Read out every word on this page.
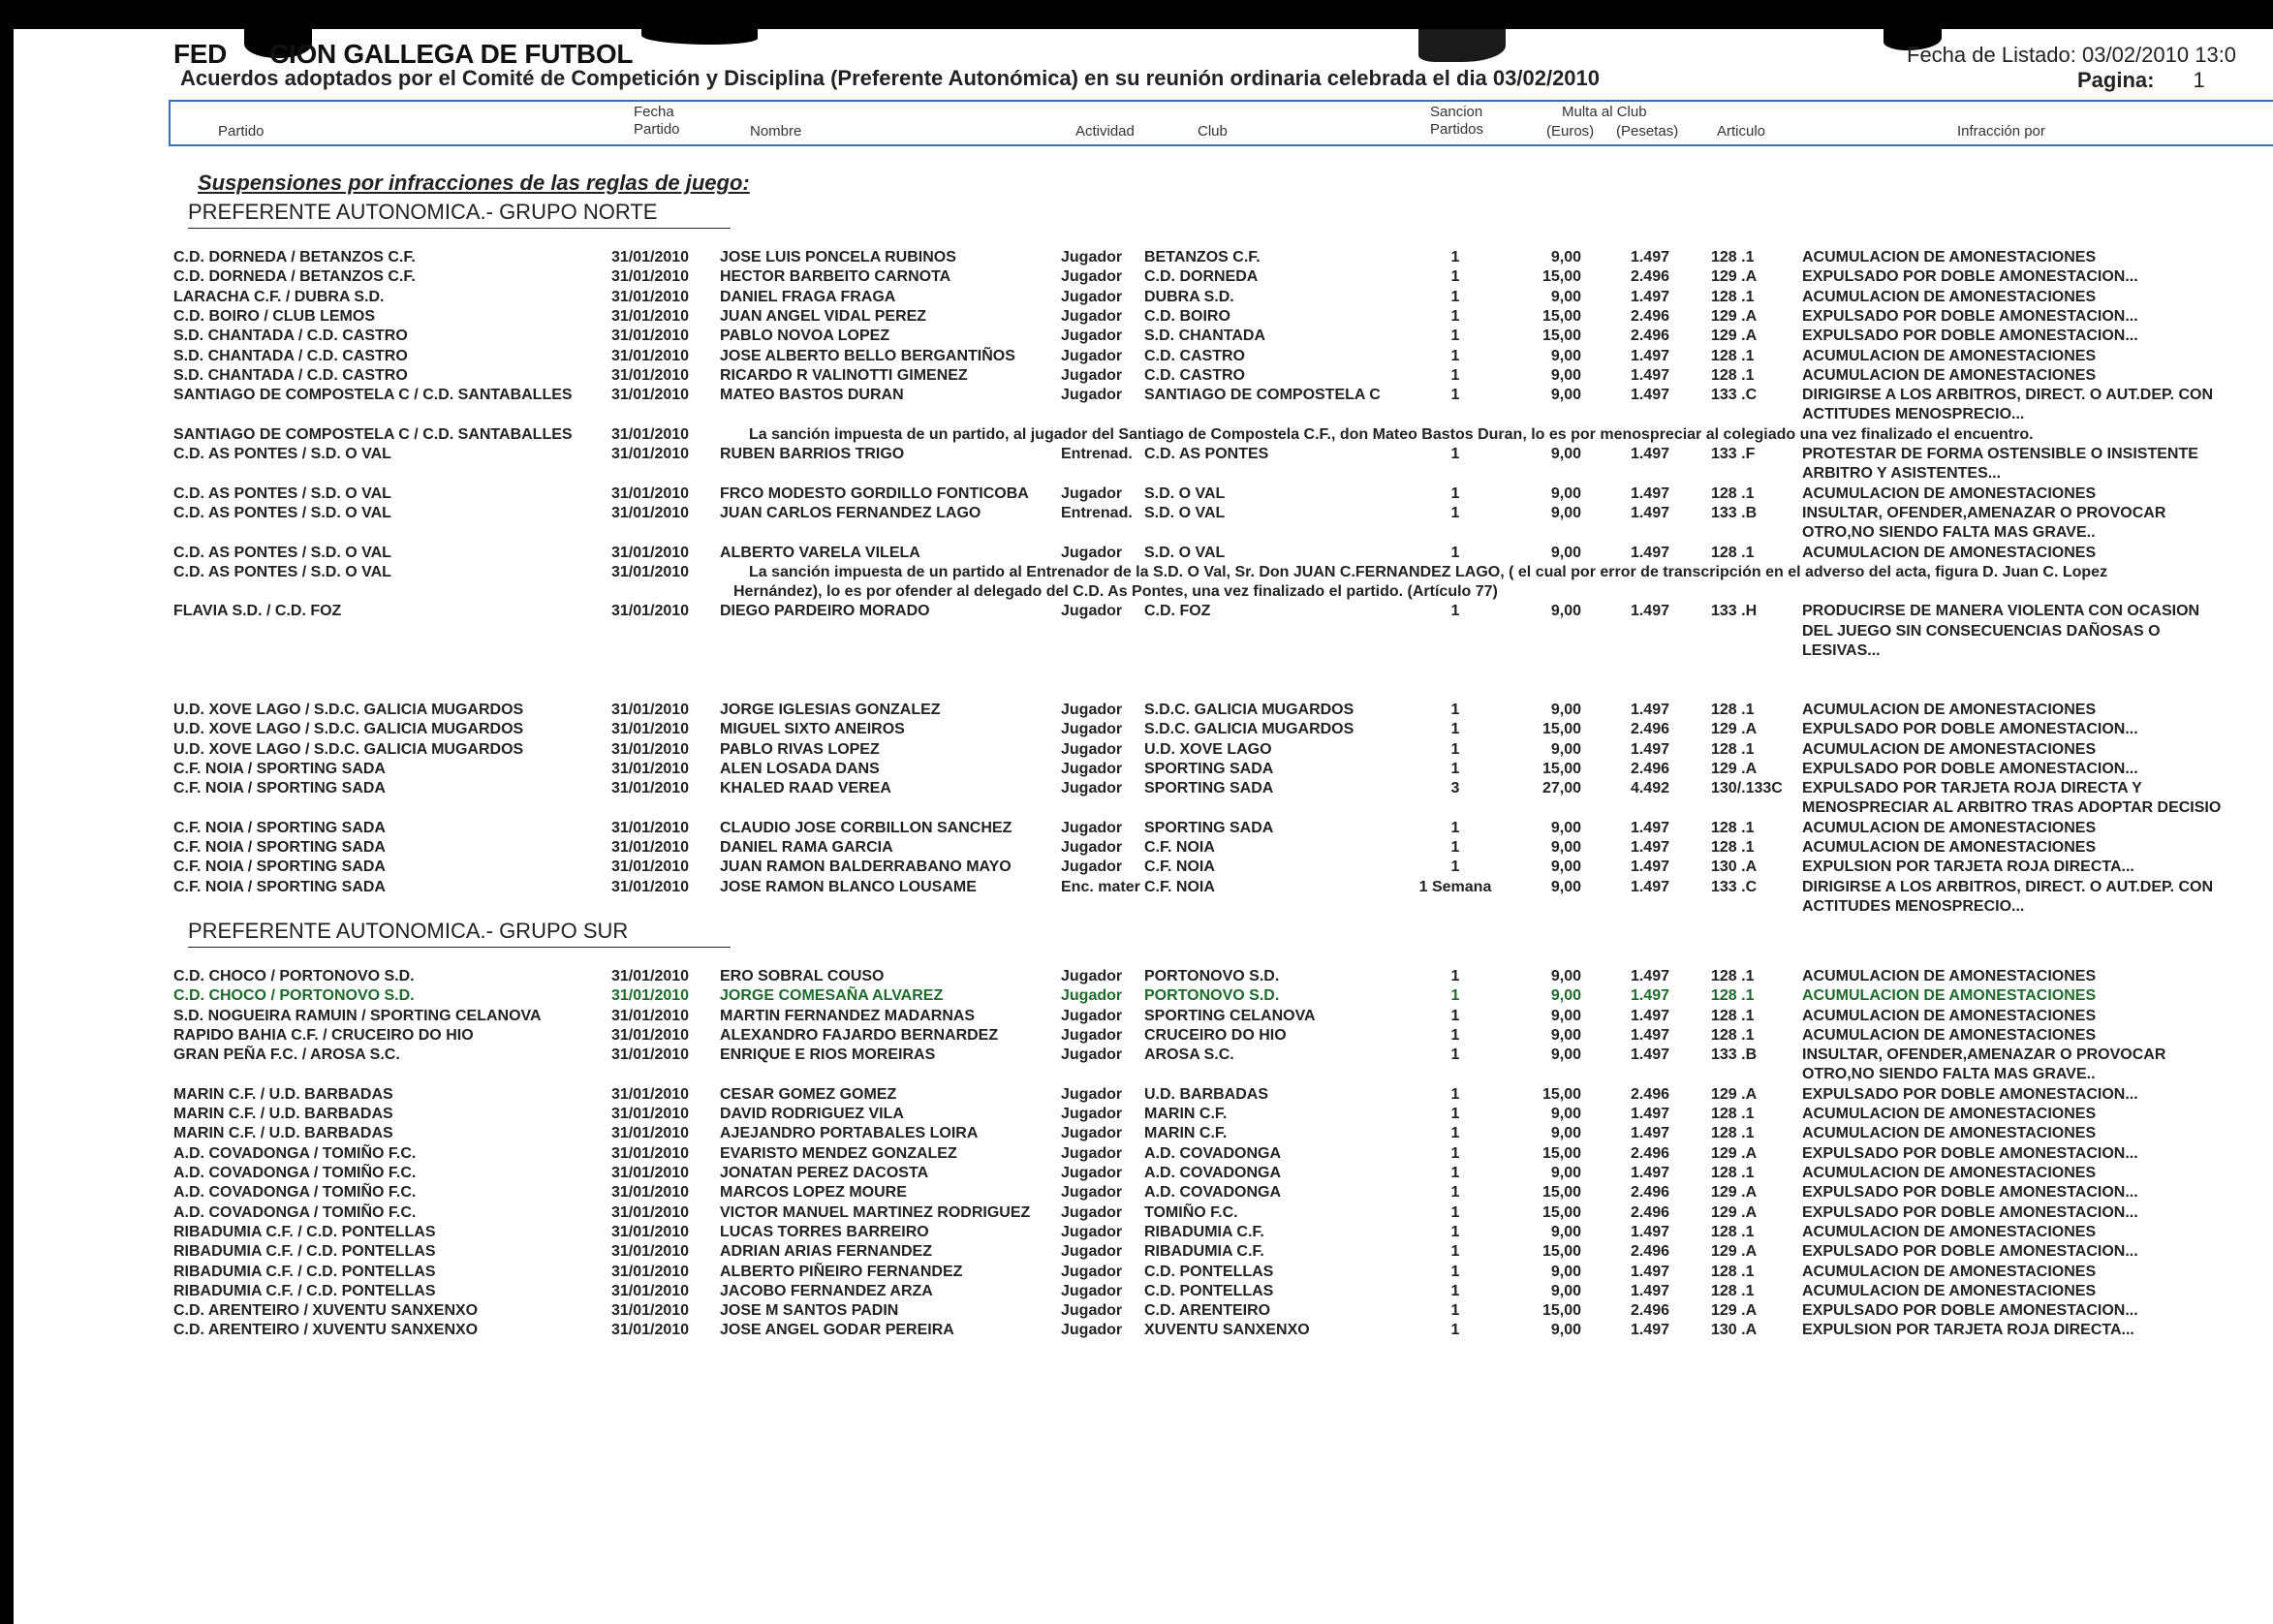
FED CION GALLEGA DE FUTBOL
Acuerdos adoptados por el Comité de Competición y Disciplina (Preferente Autonómica) en su reunión ordinaria celebrada el dia 03/02/2010
Fecha de Listado: 03/02/2010 13:0
Pagina: 1
Partido
Fecha
Partido	Nombre	Actividad	Club
Sancion
Partidos
Multa al Club
(Euros) (Pesetas)	Articulo	Infracción por
Suspensiones por infracciones de las reglas de juego:
PREFERENTE AUTONOMICA.- GRUPO NORTE
C.D. DORNEDA / BETANZOS C.F.	31/01/2010 JOSE LUIS PONCELA RUBINOS	Jugador BETANZOS C.F.	1	9,00	1.497	128 .1	ACUMULACION DE AMONESTACIONES
C.D. DORNEDA / BETANZOS C.F.	31/01/2010 HECTOR BARBEITO CARNOTA	Jugador C.D. DORNEDA	1	15,00	2.496	129 .A	EXPULSADO POR DOBLE AMONESTACION...
LARACHA C.F. / DUBRA S.D.	31/01/2010 DANIEL FRAGA FRAGA	Jugador DUBRA S.D.	1	9,00	1.497	128 .1	ACUMULACION DE AMONESTACIONES
C.D. BOIRO / CLUB LEMOS	31/01/2010 JUAN ANGEL VIDAL PEREZ	Jugador C.D. BOIRO	1	15,00	2.496	129 .A	EXPULSADO POR DOBLE AMONESTACION...
S.D. CHANTADA / C.D. CASTRO	31/01/2010 PABLO NOVOA LOPEZ	Jugador S.D. CHANTADA	1	15,00	2.496	129 .A	EXPULSADO POR DOBLE AMONESTACION...
S.D. CHANTADA / C.D. CASTRO	31/01/2010 JOSE ALBERTO BELLO BERGANTIÑOS	Jugador C.D. CASTRO	1	9,00	1.497	128 .1	ACUMULACION DE AMONESTACIONES
S.D. CHANTADA / C.D. CASTRO	31/01/2010 RICARDO R VALINOTTI GIMENEZ	Jugador C.D. CASTRO	1	9,00	1.497	128 .1	ACUMULACION DE AMONESTACIONES
SANTIAGO DE COMPOSTELA C / C.D. SANTABALLES	31/01/2010 MATEO BASTOS DURAN	Jugador SANTIAGO DE COMPOSTELA C	1	9,00	1.497	133 .C	DIRIGIRSE A LOS ARBITROS, DIRECT. O AUT.DEP. CON
ACTITUDES MENOSPRECIO...
SANTIAGO DE COMPOSTELA C / C.D. SANTABALLES	31/01/2010	La sanción impuesta de un partido, al jugador del Santiago de Compostela C.F., don Mateo Bastos Duran, lo es por menospreciar al colegiado una vez finalizado el encuentro.
C.D. AS PONTES / S.D. O VAL	31/01/2010 RUBEN BARRIOS TRIGO	Entrenad. C.D. AS PONTES	1	9,00	1.497	133 .F	PROTESTAR DE FORMA OSTENSIBLE O INSISTENTE
ARBITRO Y ASISTENTES...
C.D. AS PONTES / S.D. O VAL	31/01/2010 FRCO MODESTO GORDILLO FONTICOBA Jugador S.D. O VAL	1	9,00	1.497	128 .1	ACUMULACION DE AMONESTACIONES
C.D. AS PONTES / S.D. O VAL	31/01/2010 JUAN CARLOS FERNANDEZ LAGO	Entrenad. S.D. O VAL	1	9,00	1.497	133 .B	INSULTAR, OFENDER,AMENAZAR O PROVOCAR
OTRO,NO SIENDO FALTA MAS GRAVE..
C.D. AS PONTES / S.D. O VAL	31/01/2010 ALBERTO VARELA VILELA	Jugador S.D. O VAL	1	9,00	1.497	128 .1	ACUMULACION DE AMONESTACIONES
C.D. AS PONTES / S.D. O VAL	31/01/2010	La sanción impuesta de un partido al Entrenador de la S.D. O Val, Sr. Don JUAN C.FERNANDEZ LAGO, ( el cual por error de transcripción en el adverso del acta, figura D. Juan C. Lopez
Hernández), lo es por ofender al delegado del C.D. As Pontes, una vez finalizado el partido. (Artículo 77)
FLAVIA S.D. / C.D. FOZ	31/01/2010 DIEGO PARDEIRO MORADO	Jugador C.D. FOZ	1	9,00	1.497	133 .H	PRODUCIRSE DE MANERA VIOLENTA CON OCASION
DEL JUEGO SIN CONSECUENCIAS DAÑOSAS O
LESIVAS...
U.D. XOVE LAGO / S.D.C. GALICIA MUGARDOS	31/01/2010 JORGE IGLESIAS GONZALEZ	Jugador S.D.C. GALICIA MUGARDOS	1	9,00	1.497	128 .1	ACUMULACION DE AMONESTACIONES
U.D. XOVE LAGO / S.D.C. GALICIA MUGARDOS	31/01/2010 MIGUEL SIXTO ANEIROS	Jugador S.D.C. GALICIA MUGARDOS	1	15,00	2.496	129 .A	EXPULSADO POR DOBLE AMONESTACION...
U.D. XOVE LAGO / S.D.C. GALICIA MUGARDOS	31/01/2010 PABLO RIVAS LOPEZ	Jugador U.D. XOVE LAGO	1	9,00	1.497	128 .1	ACUMULACION DE AMONESTACIONES
C.F. NOIA / SPORTING SADA	31/01/2010 ALEN LOSADA DANS	Jugador SPORTING SADA	1	15,00	2.496	129 .A	EXPULSADO POR DOBLE AMONESTACION...
C.F. NOIA / SPORTING SADA	31/01/2010 KHALED RAAD VEREA	Jugador SPORTING SADA	3	27,00	4.492	130/.133C EXPULSADO POR TARJETA ROJA DIRECTA Y
MENOSPRECIAR AL ARBITRO TRAS ADOPTAR DECISIO
C.F. NOIA / SPORTING SADA	31/01/2010 CLAUDIO JOSE CORBILLON SANCHEZ	Jugador SPORTING SADA	1	9,00	1.497	128 .1	ACUMULACION DE AMONESTACIONES
C.F. NOIA / SPORTING SADA	31/01/2010 DANIEL RAMA GARCIA	Jugador C.F. NOIA	1	9,00	1.497	128 .1	ACUMULACION DE AMONESTACIONES
C.F. NOIA / SPORTING SADA	31/01/2010 JUAN RAMON BALDERRABANO MAYO	Jugador C.F. NOIA	1	9,00	1.497	130 .A	EXPULSION POR TARJETA ROJA DIRECTA...
C.F. NOIA / SPORTING SADA	31/01/2010 JOSE RAMON BLANCO LOUSAME	Enc. mater C.F. NOIA	1 Semana	9,00	1.497	133 .C	DIRIGIRSE A LOS ARBITROS, DIRECT. O AUT.DEP. CON
ACTITUDES MENOSPRECIO...
PREFERENTE AUTONOMICA.- GRUPO SUR
C.D. CHOCO / PORTONOVO S.D.	31/01/2010 ERO SOBRAL COUSO	Jugador PORTONOVO S.D.	1	9,00	1.497	128 .1	ACUMULACION DE AMONESTACIONES
C.D. CHOCO / PORTONOVO S.D.	31/01/2010 JORGE COMESAÑA ALVAREZ	Jugador PORTONOVO S.D.	1	9,00	1.497	128 .1	ACUMULACION DE AMONESTACIONES
S.D. NOGUEIRA RAMUIN / SPORTING CELANOVA	31/01/2010 MARTIN FERNANDEZ MADARNAS	Jugador SPORTING CELANOVA	1	9,00	1.497	128 .1	ACUMULACION DE AMONESTACIONES
RAPIDO BAHIA C.F. / CRUCEIRO DO HIO	31/01/2010 ALEXANDRO FAJARDO BERNARDEZ	Jugador CRUCEIRO DO HIO	1	9,00	1.497	128 .1	ACUMULACION DE AMONESTACIONES
GRAN PEÑA F.C. / AROSA S.C.	31/01/2010 ENRIQUE E RIOS MOREIRAS	Jugador AROSA S.C.	1	9,00	1.497	133 .B	INSULTAR, OFENDER,AMENAZAR O PROVOCAR
OTRO,NO SIENDO FALTA MAS GRAVE..
MARIN C.F. / U.D. BARBADAS	31/01/2010 CESAR GOMEZ GOMEZ	Jugador U.D. BARBADAS	1	15,00	2.496	129 .A	EXPULSADO POR DOBLE AMONESTACION...
MARIN C.F. / U.D. BARBADAS	31/01/2010 DAVID RODRIGUEZ VILA	Jugador MARIN C.F.	1	9,00	1.497	128 .1	ACUMULACION DE AMONESTACIONES
MARIN C.F. / U.D. BARBADAS	31/01/2010 AJEJANDRO PORTABALES LOIRA	Jugador MARIN C.F.	1	9,00	1.497	128 .1	ACUMULACION DE AMONESTACIONES
A.D. COVADONGA / TOMIÑO F.C.	31/01/2010 EVARISTO MENDEZ GONZALEZ	Jugador A.D. COVADONGA	1	15,00	2.496	129 .A	EXPULSADO POR DOBLE AMONESTACION...
A.D. COVADONGA / TOMIÑO F.C.	31/01/2010 JONATAN PEREZ DACOSTA	Jugador A.D. COVADONGA	1	9,00	1.497	128 .1	ACUMULACION DE AMONESTACIONES
A.D. COVADONGA / TOMIÑO F.C.	31/01/2010 MARCOS LOPEZ MOURE	Jugador A.D. COVADONGA	1	15,00	2.496	129 .A	EXPULSADO POR DOBLE AMONESTACION...
A.D. COVADONGA / TOMIÑO F.C.	31/01/2010 VICTOR MANUEL MARTINEZ RODRIGUEZ Jugador TOMIÑO F.C.	1	15,00	2.496	129 .A	EXPULSADO POR DOBLE AMONESTACION...
RIBADUMIA C.F. / C.D. PONTELLAS	31/01/2010 LUCAS TORRES BARREIRO	Jugador RIBADUMIA C.F.	1	9,00	1.497	128 .1	ACUMULACION DE AMONESTACIONES
RIBADUMIA C.F. / C.D. PONTELLAS	31/01/2010 ADRIAN ARIAS FERNANDEZ	Jugador RIBADUMIA C.F.	1	15,00	2.496	129 .A	EXPULSADO POR DOBLE AMONESTACION...
RIBADUMIA C.F. / C.D. PONTELLAS	31/01/2010 ALBERTO PIÑEIRO FERNANDEZ	Jugador C.D. PONTELLAS	1	9,00	1.497	128 .1	ACUMULACION DE AMONESTACIONES
RIBADUMIA C.F. / C.D. PONTELLAS	31/01/2010 JACOBO FERNANDEZ ARZA	Jugador C.D. PONTELLAS	1	9,00	1.497	128 .1	ACUMULACION DE AMONESTACIONES
C.D. ARENTEIRO / XUVENTU SANXENXO	31/01/2010 JOSE M SANTOS PADIN	Jugador C.D. ARENTEIRO	1	15,00	2.496	129 .A	EXPULSADO POR DOBLE AMONESTACION...
C.D. ARENTEIRO / XUVENTU SANXENXO	31/01/2010 JOSE ANGEL GODAR PEREIRA	Jugador XUVENTU SANXENXO	1	9,00	1.497	130 .A	EXPULSION POR TARJETA ROJA DIRECTA...
